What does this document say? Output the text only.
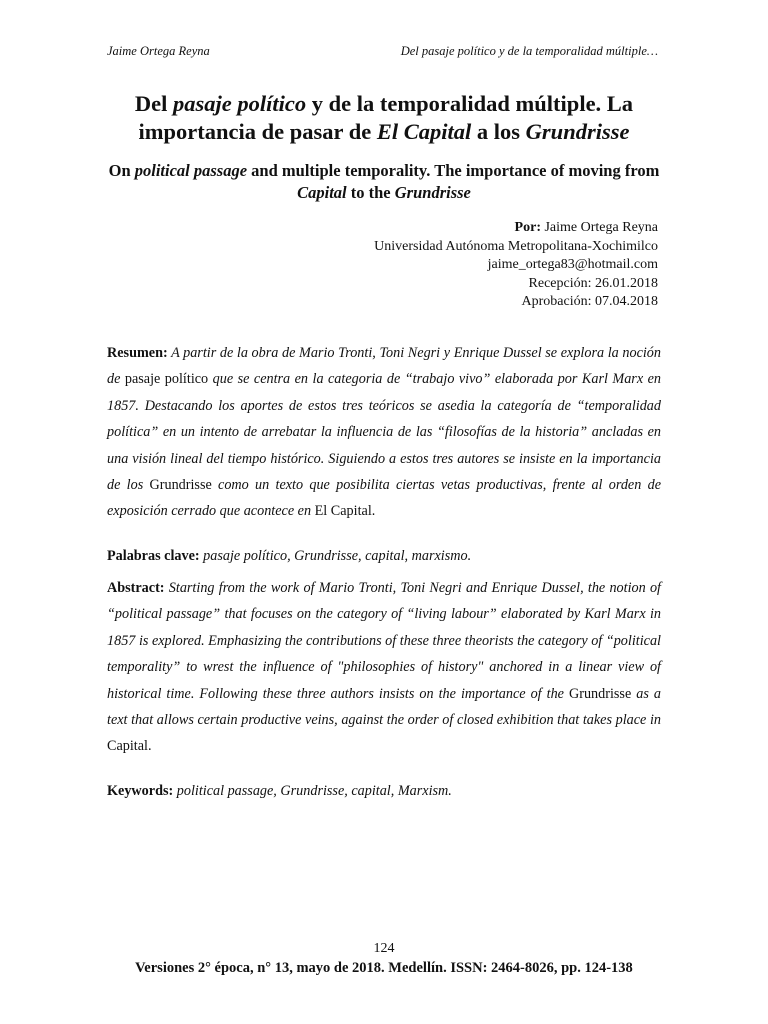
Jaime Ortega Reyna	Del pasaje político y de la temporalidad múltiple…
Del pasaje político y de la temporalidad múltiple. La importancia de pasar de El Capital a los Grundrisse
On political passage and multiple temporality. The importance of moving from Capital to the Grundrisse
Por: Jaime Ortega Reyna
Universidad Autónoma Metropolitana-Xochimilco
jaime_ortega83@hotmail.com
Recepción: 26.01.2018
Aprobación: 07.04.2018

Resumen: A partir de la obra de Mario Tronti, Toni Negri y Enrique Dussel se explora la noción de pasaje político que se centra en la categoria de “trabajo vivo” elaborada por Karl Marx en 1857. Destacando los aportes de estos tres teóricos se asedia la categoría de “temporalidad política” en un intento de arrebatar la influencia de las “filosofías de la historia” ancladas en una visión lineal del tiempo histórico. Siguiendo a estos tres autores se insiste en la importancia de los Grundrisse como un texto que posibilita ciertas vetas productivas, frente al orden de exposición cerrado que acontece en El Capital.

Palabras clave: pasaje político, Grundrisse, capital, marxismo.

Abstract: Starting from the work of Mario Tronti, Toni Negri and Enrique Dussel, the notion of “political passage” that focuses on the category of “living labour” elaborated by Karl Marx in 1857 is explored. Emphasizing the contributions of these three theorists the category of “political temporality” to wrest the influence of "philosophies of history" anchored in a linear view of historical time. Following these three authors insists on the importance of the Grundrisse as a text that allows certain productive veins, against the order of closed exhibition that takes place in Capital.

Keywords: political passage, Grundrisse, capital, Marxism.

124
Versiones 2° época, n° 13, mayo de 2018. Medellín. ISSN: 2464-8026, pp. 124-138
